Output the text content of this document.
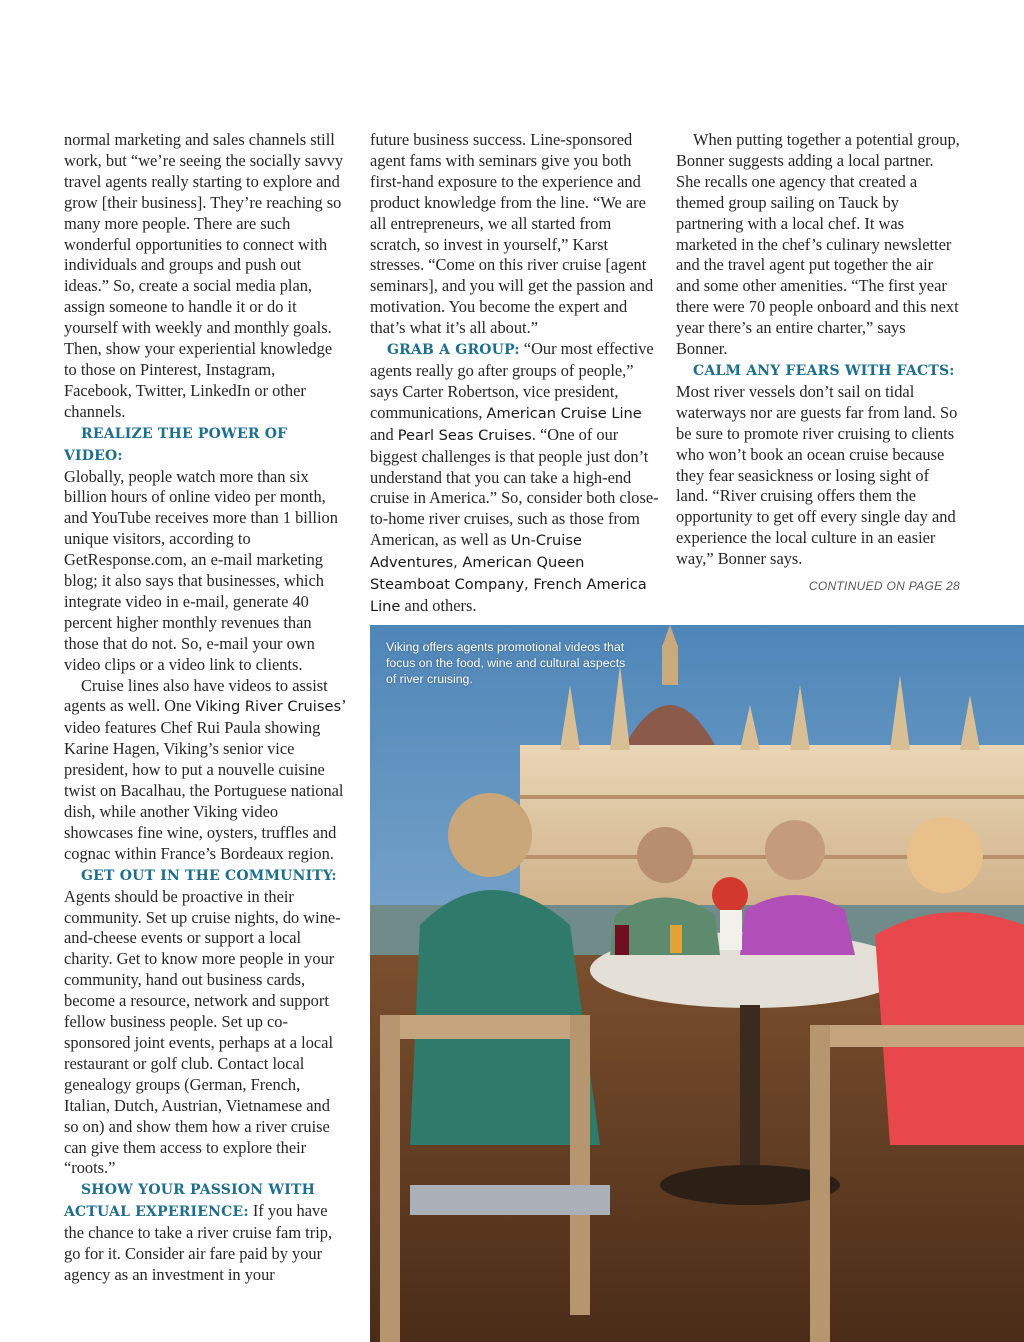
normal marketing and sales channels still work, but “we’re seeing the socially savvy travel agents really starting to explore and grow [their business]. They’re reaching so many more people. There are such wonderful opportunities to connect with individuals and groups and push out ideas.” So, create a social media plan, assign someone to handle it or do it yourself with weekly and monthly goals. Then, show your experiential knowledge to those on Pinterest, Instagram, Facebook, Twitter, LinkedIn or other channels.

REALIZE THE POWER OF VIDEO:

Globally, people watch more than six billion hours of online video per month, and YouTube receives more than 1 billion unique visitors, according to GetResponse.com, an e-mail marketing blog; it also says that businesses, which integrate video in e-mail, generate 40 percent higher monthly revenues than those that do not. So, e-mail your own video clips or a video link to clients.

Cruise lines also have videos to assist agents as well. One Viking River Cruises’ video features Chef Rui Paula showing Karine Hagen, Viking’s senior vice president, how to put a nouvelle cuisine twist on Bacalhau, the Portuguese national dish, while another Viking video showcases fine wine, oysters, truffles and cognac within France’s Bordeaux region.

GET OUT IN THE COMMUNITY:

Agents should be proactive in their community. Set up cruise nights, do wine-and-cheese events or support a local charity. Get to know more people in your community, hand out business cards, become a resource, network and support fellow business people. Set up co-sponsored joint events, perhaps at a local restaurant or golf club. Contact local genealogy groups (German, French, Italian, Dutch, Austrian, Vietnamese and so on) and show them how a river cruise can give them access to explore their “roots.”

SHOW YOUR PASSION WITH ACTUAL EXPERIENCE: If you have the chance to take a river cruise fam trip, go for it. Consider air fare paid by your agency as an investment in your

future business success. Line-sponsored agent fams with seminars give you both first-hand exposure to the experience and product knowledge from the line. “We are all entrepreneurs, we all started from scratch, so invest in yourself,” Karst stresses. “Come on this river cruise [agent seminars], and you will get the passion and motivation. You become the expert and that’s what it’s all about.”

GRAB A GROUP: “Our most effective agents really go after groups of people,” says Carter Robertson, vice president, communications, American Cruise Line and Pearl Seas Cruises. “One of our biggest challenges is that people just don’t understand that you can take a high-end cruise in America.” So, consider both close-to-home river cruises, such as those from American, as well as Un-Cruise Adventures, American Queen Steamboat Company, French America Line and others.

When putting together a potential group, Bonner suggests adding a local partner. She recalls one agency that created a themed group sailing on Tauck by partnering with a local chef. It was marketed in the chef’s culinary newsletter and the travel agent put together the air and some other amenities. “The first year there were 70 people onboard and this next year there’s an entire charter,” says Bonner.

CALM ANY FEARS WITH FACTS:

Most river vessels don’t sail on tidal waterways nor are guests far from land. So be sure to promote river cruising to clients who won’t book an ocean cruise because they fear seasickness or losing sight of land. “River cruising offers them the opportunity to get off every single day and experience the local culture in an easier way,” Bonner says.

CONTINUED ON PAGE 28

Viking offers agents promotional videos that focus on the food, wine and cultural aspects of river cruising.
